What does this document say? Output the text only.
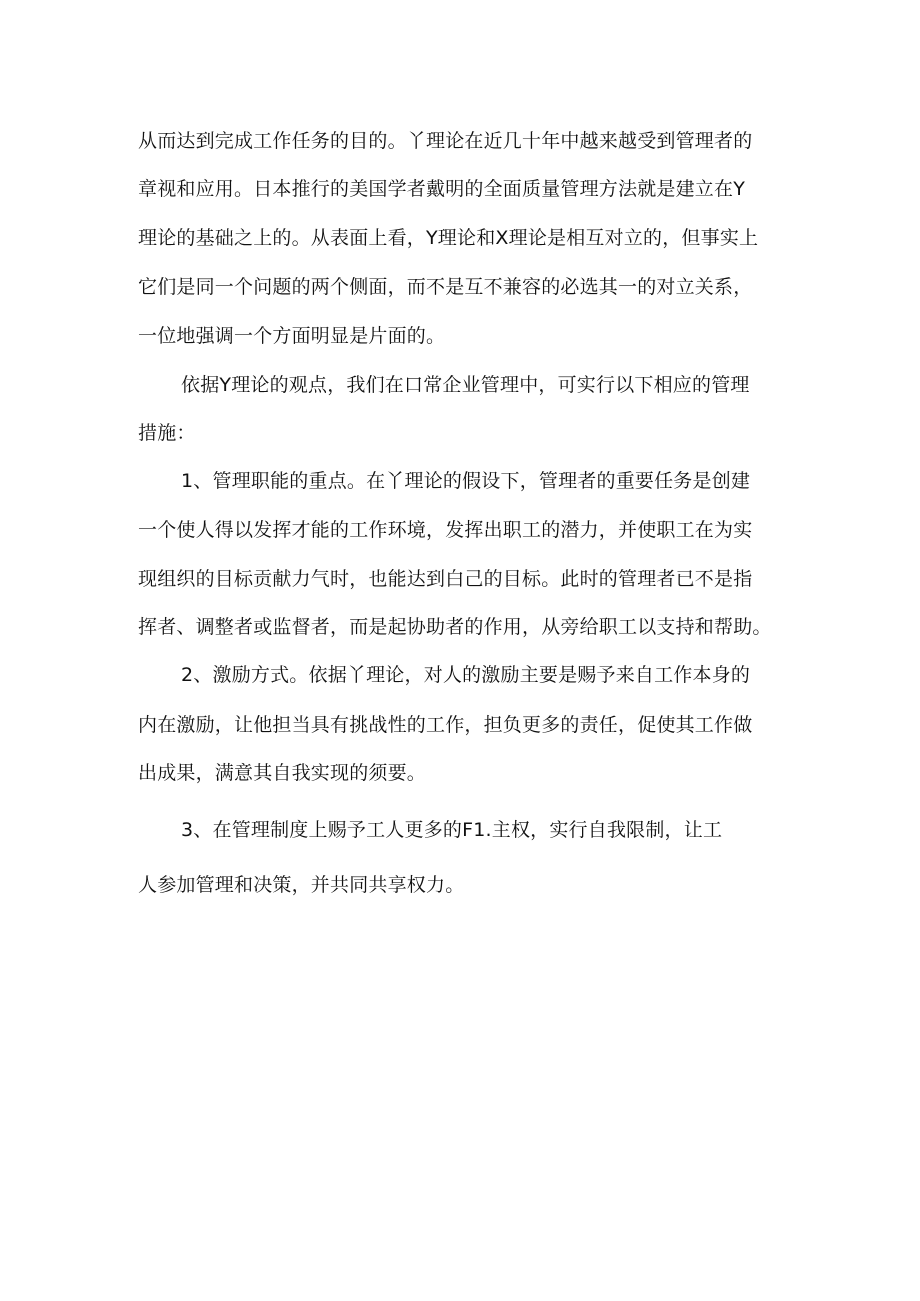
从而达到完成工作任务的目的。丫理论在近几十年中越来越受到管理者的
章视和应用。日本推行的美国学者戴明的全面质量管理方法就是建立在Y
理论的基础之上的。从表面上看，Y理论和X理论是相互对立的，但事实上
它们是同一个问题的两个侧面，而不是互不兼容的必选其一的对立关系，
一位地强调一个方面明显是片面的。
依据Y理论的观点，我们在口常企业管理中，可实行以下相应的管理
措施：
1、管理职能的重点。在丫理论的假设下，管理者的重要任务是创建
一个使人得以发挥才能的工作环境，发挥出职工的潜力，并使职工在为实
现组织的目标贡献力气时，也能达到白己的目标。此时的管理者已不是指
挥者、调整者或监督者，而是起协助者的作用，从旁给职工以支持和帮助。
2、激励方式。依据丫理论，对人的激励主要是赐予来自工作本身的
内在激励，让他担当具有挑战性的工作，担负更多的责任，促使其工作做
出成果，满意其自我实现的须要。
3、在管理制度上赐予工人更多的F1.主权，实行自我限制，让工
人参加管理和决策，并共同共享权力。
